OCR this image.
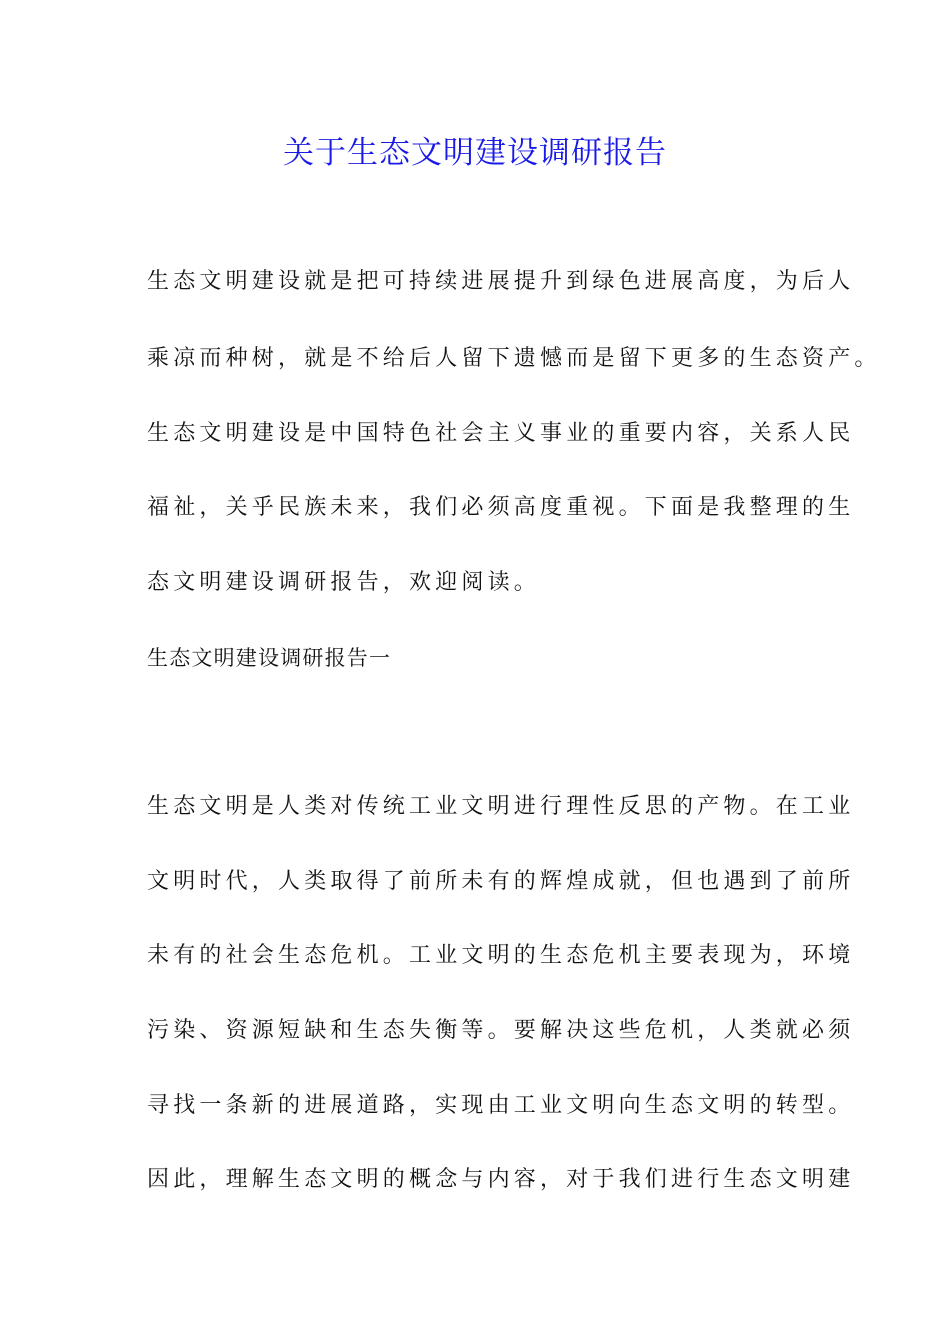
关于生态文明建设调研报告

生态文明建设就是把可持续进展提升到绿色进展高度，为后人

乘凉而种树，就是不给后人留下遗憾而是留下更多的生态资产。

生态文明建设是中国特色社会主义事业的重要内容，关系人民

福祉，关乎民族未来，我们必须高度重视。下面是我整理的生

态文明建设调研报告，欢迎阅读。

生态文明建设调研报告一

生态文明是人类对传统工业文明进行理性反思的产物。在工业

文明时代，人类取得了前所未有的辉煌成就，但也遇到了前所

未有的社会生态危机。工业文明的生态危机主要表现为，环境

污染、资源短缺和生态失衡等。要解决这些危机，人类就必须

寻找一条新的进展道路，实现由工业文明向生态文明的转型。

因此，理解生态文明的概念与内容，对于我们进行生态文明建
